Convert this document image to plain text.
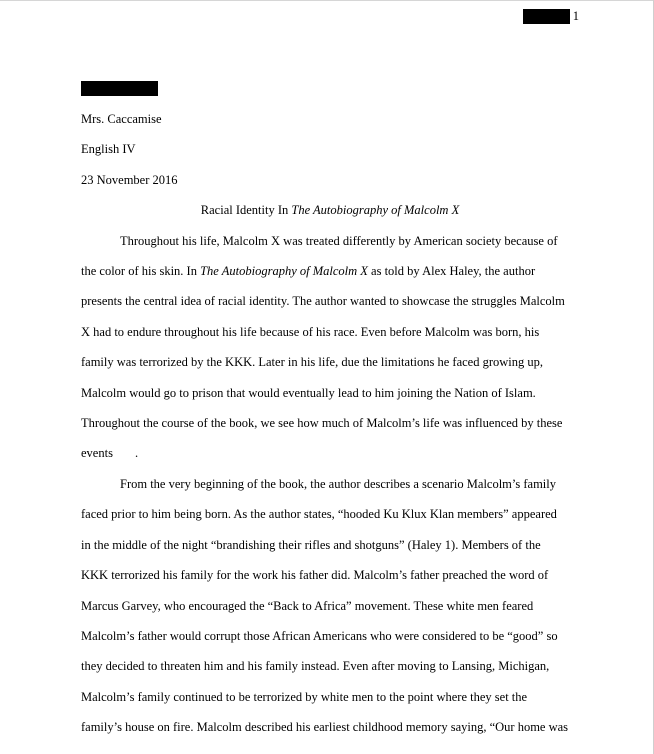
1

Mrs. Caccamise

English IV

23 November 2016

Racial Identity In The Autobiography of Malcolm X

Throughout his life, Malcolm X was treated differently by American society because of

the color of his skin. In The Autobiography of Malcolm X as told by Alex Haley, the author

presents the central idea of racial identity. The author wanted to showcase the struggles Malcolm

X had to endure throughout his life because of his race. Even before Malcolm was born, his

family was terrorized by the KKK. Later in his life, due the limitations he faced growing up,

Malcolm would go to prison that would eventually lead to him joining the Nation of Islam.

Throughout the course of the book, we see how much of Malcolm’s life was influenced by these

events .

From the very beginning of the book, the author describes a scenario Malcolm’s family

faced prior to him being born. As the author states, “hooded Ku Klux Klan members” appeared

in the middle of the night “brandishing their rifles and shotguns” (Haley 1). Members of the

KKK terrorized his family for the work his father did. Malcolm’s father preached the word of

Marcus Garvey, who encouraged the “Back to Africa” movement. These white men feared

Malcolm’s father would corrupt those African Americans who were considered to be “good” so

they decided to threaten him and his family instead. Even after moving to Lansing, Michigan,

Malcolm’s family continued to be terrorized by white men to the point where they set the

family’s house on fire. Malcolm described his earliest childhood memory saying, “Our home was
